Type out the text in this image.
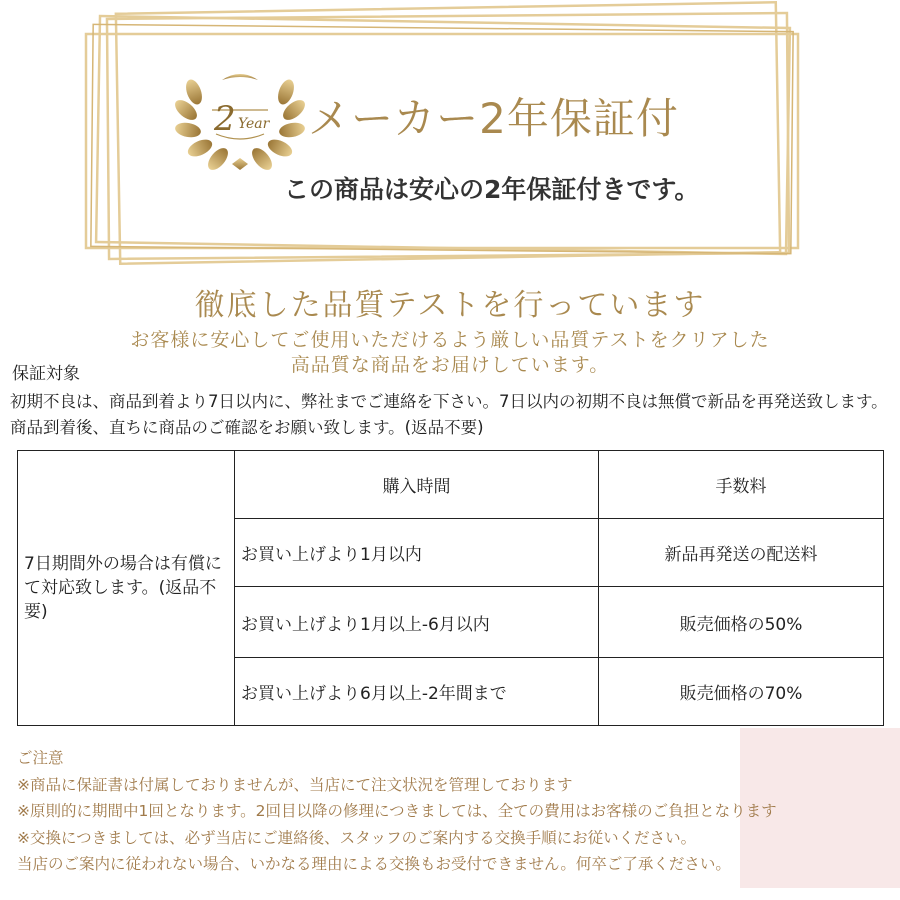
2 Year メーカー2年保証付
この商品は安心の2年保証付きです。
徹底した品質テストを行っています
お客様に安心してご使用いただけるよう厳しい品質テストをクリアした
高品質な商品をお届けしています。
保証対象
初期不良は、商品到着より7日以内に、弊社までご連絡を下さい。7日以内の初期不良は無償で新品を再発送致します。商品到着後、直ちに商品のご確認をお願い致します。(返品不要)
7日期間外の場合は有償にて対応致します。(返品不要)	購入時間	手数料
	お買い上げより1月以内	新品再発送の配送料
	お買い上げより1月以上-6月以内	販売価格の50%
	お買い上げより6月以上-2年間まで	販売価格の70%
ご注意
※商品に保証書は付属しておりませんが、当店にて注文状況を管理しております
※原則的に期間中1回となります。2回目以降の修理につきましては、全ての費用はお客様のご負担となります
※交換につきましては、必ず当店にご連絡後、スタッフのご案内する交換手順にお従いください。
当店のご案内に従われない場合、いかなる理由による交換もお受付できません。何卒ご了承ください。
